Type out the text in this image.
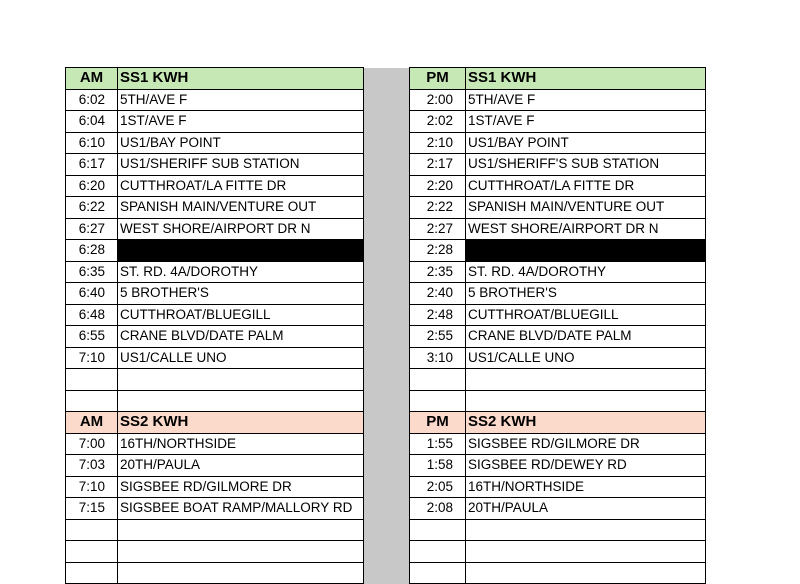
AM	SS1 KWH		PM	SS1 KWH
6:02	5TH/AVE F		2:00	5TH/AVE F
6:04	1ST/AVE F		2:02	1ST/AVE F
6:10	US1/BAY POINT		2:10	US1/BAY POINT
6:17	US1/SHERIFF SUB STATION		2:17	US1/SHERIFF'S SUB STATION
6:20	CUTTHROAT/LA FITTE DR		2:20	CUTTHROAT/LA FITTE DR
6:22	SPANISH MAIN/VENTURE OUT		2:22	SPANISH MAIN/VENTURE OUT
6:27	WEST SHORE/AIRPORT DR N		2:27	WEST SHORE/AIRPORT DR N
6:28			2:28	
6:35	ST. RD. 4A/DOROTHY		2:35	ST. RD. 4A/DOROTHY
6:40	5 BROTHER'S		2:40	5 BROTHER'S
6:48	CUTTHROAT/BLUEGILL		2:48	CUTTHROAT/BLUEGILL
6:55	CRANE BLVD/DATE PALM		2:55	CRANE BLVD/DATE PALM
7:10	US1/CALLE UNO		3:10	US1/CALLE UNO

AM	SS2 KWH		PM	SS2 KWH
7:00	16TH/NORTHSIDE		1:55	SIGSBEE RD/GILMORE DR
7:03	20TH/PAULA		1:58	SIGSBEE RD/DEWEY RD
7:10	SIGSBEE RD/GILMORE DR		2:05	16TH/NORTHSIDE
7:15	SIGSBEE BOAT RAMP/MALLORY RD		2:08	20TH/PAULA
